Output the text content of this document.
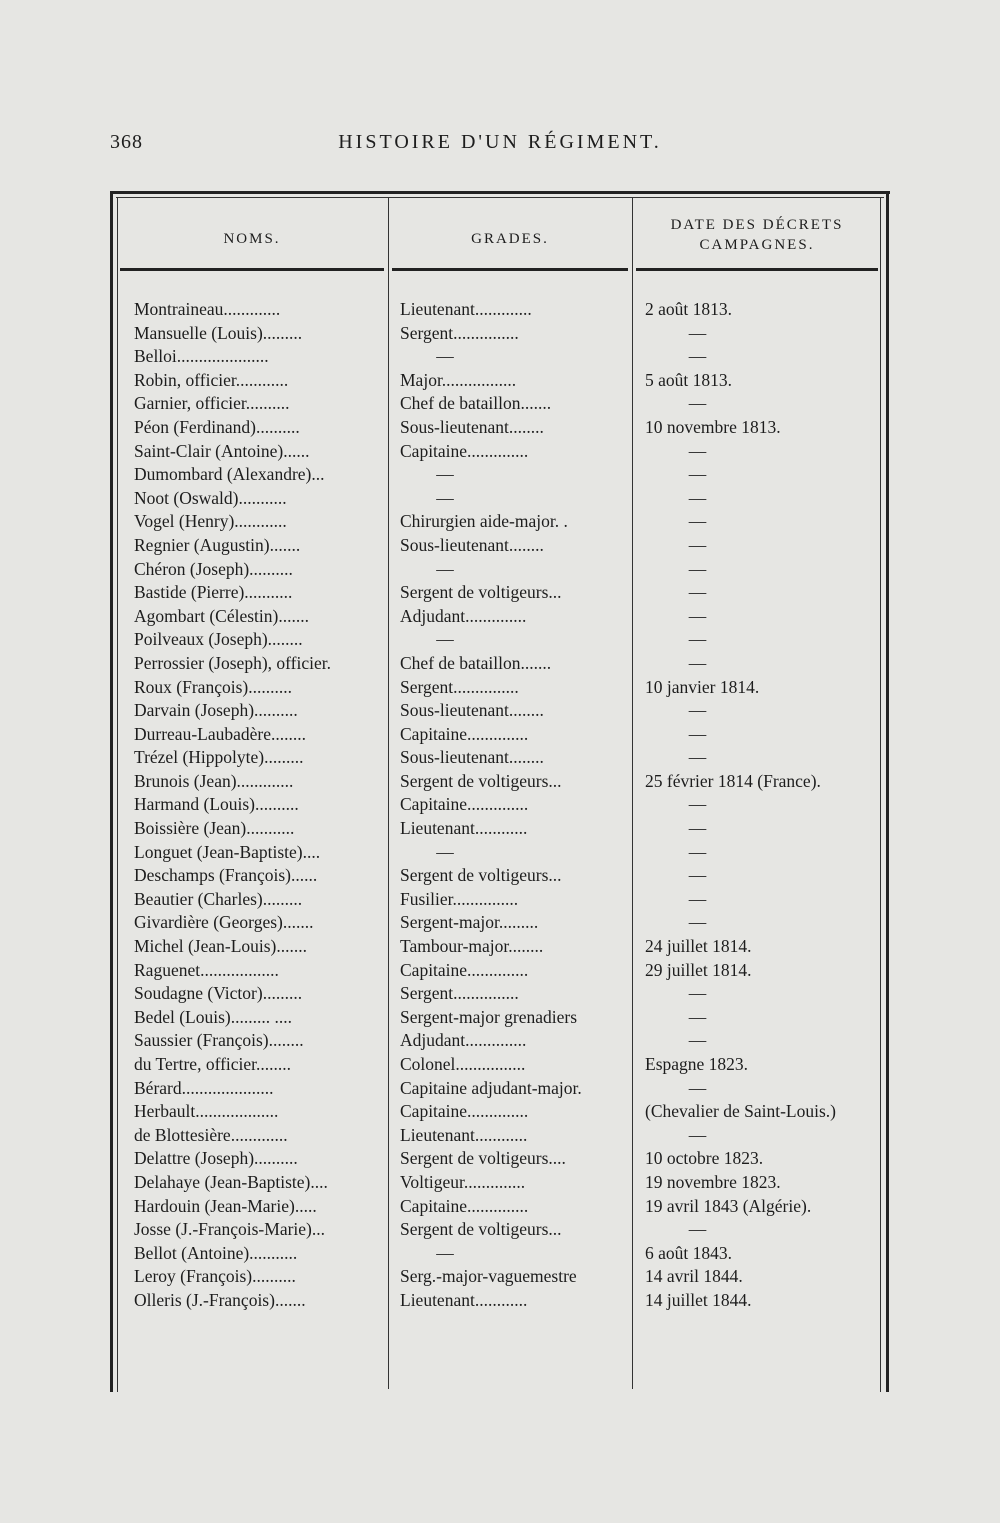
368	HISTOIRE D'UN RÉGIMENT.
NOMS.	GRADES.
DATE DES DÉCRETS
CAMPAGNES.
Montraineau.............	Lieutenant.............	2 août 1813.
Mansuelle (Louis).........	Sergent...............	—
Belloi.....................	—	—
Robin, officier............	Major.................	5 août 1813.
Garnier, officier..........	Chef de bataillon.......	—
Péon (Ferdinand)..........	Sous-lieutenant........	10 novembre 1813.
Saint-Clair (Antoine)......	Capitaine..............	—
Dumombard (Alexandre)...	—	—
Noot (Oswald)...........	—	—
Vogel (Henry)............	Chirurgien aide-major. .	—
Regnier (Augustin).......	Sous-lieutenant........	—
Chéron (Joseph)..........	—	—
Bastide (Pierre)...........	Sergent de voltigeurs...	—
Agombart (Célestin).......	Adjudant..............	—
Poilveaux (Joseph)........	—	—
Perrossier (Joseph), officier.	Chef de bataillon.......	—
Roux (François)..........	Sergent...............	10 janvier 1814.
Darvain (Joseph)..........	Sous-lieutenant........	—
Durreau-Laubadère........	Capitaine..............	—
Trézel (Hippolyte).........	Sous-lieutenant........	—
Brunois (Jean).............	Sergent de voltigeurs...	25 février 1814 (France).
Harmand (Louis)..........	Capitaine..............	—
Boissière (Jean)...........	Lieutenant............	—
Longuet (Jean-Baptiste)....	—	—
Deschamps (François)......	Sergent de voltigeurs...	—
Beautier (Charles).........	Fusilier...............	—
Givardière (Georges).......	Sergent-major.........	—
Michel (Jean-Louis).......	Tambour-major........	24 juillet 1814.
Raguenet..................	Capitaine..............	29 juillet 1814.
Soudagne (Victor).........	Sergent...............	—
Bedel (Louis)......... ....	Sergent-major grenadiers	—
Saussier (François)........	Adjudant..............	—
du Tertre, officier........	Colonel................	Espagne 1823.
Bérard.....................	Capitaine adjudant-major.	—
Herbault...................	Capitaine..............	(Chevalier de Saint-Louis.)
de Blottesière.............	Lieutenant............	—
Delattre (Joseph)..........	Sergent de voltigeurs....	10 octobre 1823.
Delahaye (Jean-Baptiste)....	Voltigeur..............	19 novembre 1823.
Hardouin (Jean-Marie).....	Capitaine..............	19 avril 1843 (Algérie).
Josse (J.-François-Marie)...	Sergent de voltigeurs...	—
Bellot (Antoine)...........	—	6 août 1843.
Leroy (François)..........	Serg.-major-vaguemestre	14 avril 1844.
Olleris (J.-François).......	Lieutenant............	14 juillet 1844.
